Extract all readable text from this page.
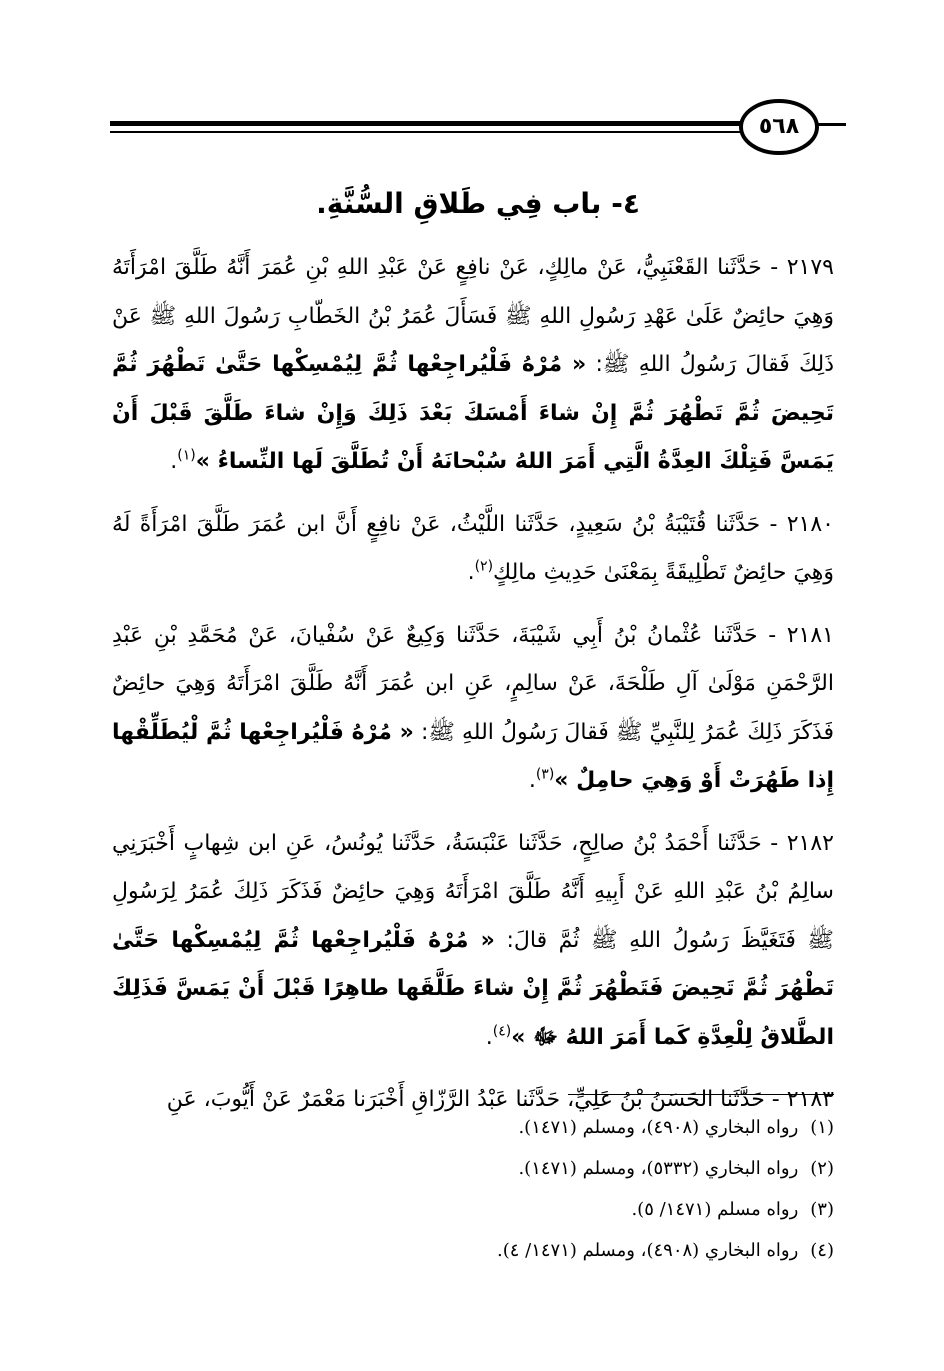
٥٦٨
٤- باب فِي طَلاقِ السُّنَّةِ.

٢١٧٩ - حَدَّثَنا القَعْنَبِيُّ، عَنْ مالِكٍ، عَنْ نافِعٍ عَنْ عَبْدِ اللهِ بْنِ عُمَرَ أَنَّهُ طَلَّقَ امْرَأَتَهُ وَهِيَ حائِضٌ عَلَىٰ عَهْدِ رَسُولِ اللهِ ﷺ فَسَأَلَ عُمَرُ بْنُ الخَطّابِ رَسُولَ اللهِ ﷺ عَنْ ذَلِكَ فَقالَ رَسُولُ اللهِ ﷺ: « مُرْهُ فَلْيُراجِعْها ثُمَّ لِيُمْسِكْها حَتَّىٰ تَطْهُرَ ثُمَّ تَحِيضَ ثُمَّ تَطْهُرَ ثُمَّ إِنْ شاءَ أَمْسَكَ بَعْدَ ذَلِكَ وَإِنْ شاءَ طَلَّقَ قَبْلَ أَنْ يَمَسَّ فَتِلْكَ العِدَّةُ الَّتِي أَمَرَ اللهُ سُبْحانَهُ أَنْ تُطَلَّقَ لَها النِّساءُ »$^{(١)}$.

٢١٨٠ - حَدَّثَنا قُتَيْبَةُ بْنُ سَعِيدٍ، حَدَّثَنا اللَّيْثُ، عَنْ نافِعٍ أَنَّ ابن عُمَرَ طَلَّقَ امْرَأَةً لَهُ وَهِيَ حائِضٌ تَطْلِيقَةً بِمَعْنَىٰ حَدِيثِ مالِكٍ$^{(٢)}$.

٢١٨١ - حَدَّثَنا عُثْمانُ بْنُ أَبِي شَيْبَةَ، حَدَّثَنا وَكِيعٌ عَنْ سُفْيانَ، عَنْ مُحَمَّدِ بْنِ عَبْدِ الرَّحْمَنِ مَوْلَىٰ آلِ طَلْحَةَ، عَنْ سالِمٍ، عَنِ ابن عُمَرَ أَنَّهُ طَلَّقَ امْرَأَتَهُ وَهِيَ حائِضٌ فَذَكَرَ ذَلِكَ عُمَرُ لِلنَّبِيِّ ﷺ فَقالَ رَسُولُ اللهِ ﷺ: « مُرْهُ فَلْيُراجِعْها ثُمَّ لْيُطَلِّقْها إِذا طَهُرَتْ أَوْ وَهِيَ حامِلٌ »$^{(٣)}$.

٢١٨٢ - حَدَّثَنا أَحْمَدُ بْنُ صالِحٍ، حَدَّثَنا عَنْبَسَةُ، حَدَّثَنا يُونُسُ، عَنِ ابن شِهابٍ أَخْبَرَنِي سالِمُ بْنُ عَبْدِ اللهِ عَنْ أَبِيهِ أَنَّهُ طَلَّقَ امْرَأَتَهُ وَهِيَ حائِضٌ فَذَكَرَ ذَلِكَ عُمَرُ لِرَسُولِ ﷺ فَتَغَيَّظَ رَسُولُ اللهِ ﷺ ثُمَّ قالَ: « مُرْهُ فَلْيُراجِعْها ثُمَّ لِيُمْسِكْها حَتَّىٰ تَطْهُرَ ثُمَّ تَحِيضَ فَتَطْهُرَ ثُمَّ إِنْ شاءَ طَلَّقَها طاهِرًا قَبْلَ أَنْ يَمَسَّ فَذَلِكَ الطَّلاقُ لِلْعِدَّةِ كَما أَمَرَ اللهُ ﷻ »$^{(٤)}$.

٢١٨٣ - حَدَّثَنا الحَسَنُ بْنُ عَلِيٍّ، حَدَّثَنا عَبْدُ الرَّزّاقِ أَخْبَرَنا مَعْمَرٌ عَنْ أَيُّوبَ، عَنِ

(١)رواه البخاري (٤٩٠٨)، ومسلم (١٤٧١).
(٢)رواه البخاري (٥٣٣٢)، ومسلم (١٤٧١).
(٣)رواه مسلم (١٤٧١/ ٥).
(٤)رواه البخاري (٤٩٠٨)، ومسلم (١٤٧١/ ٤).
